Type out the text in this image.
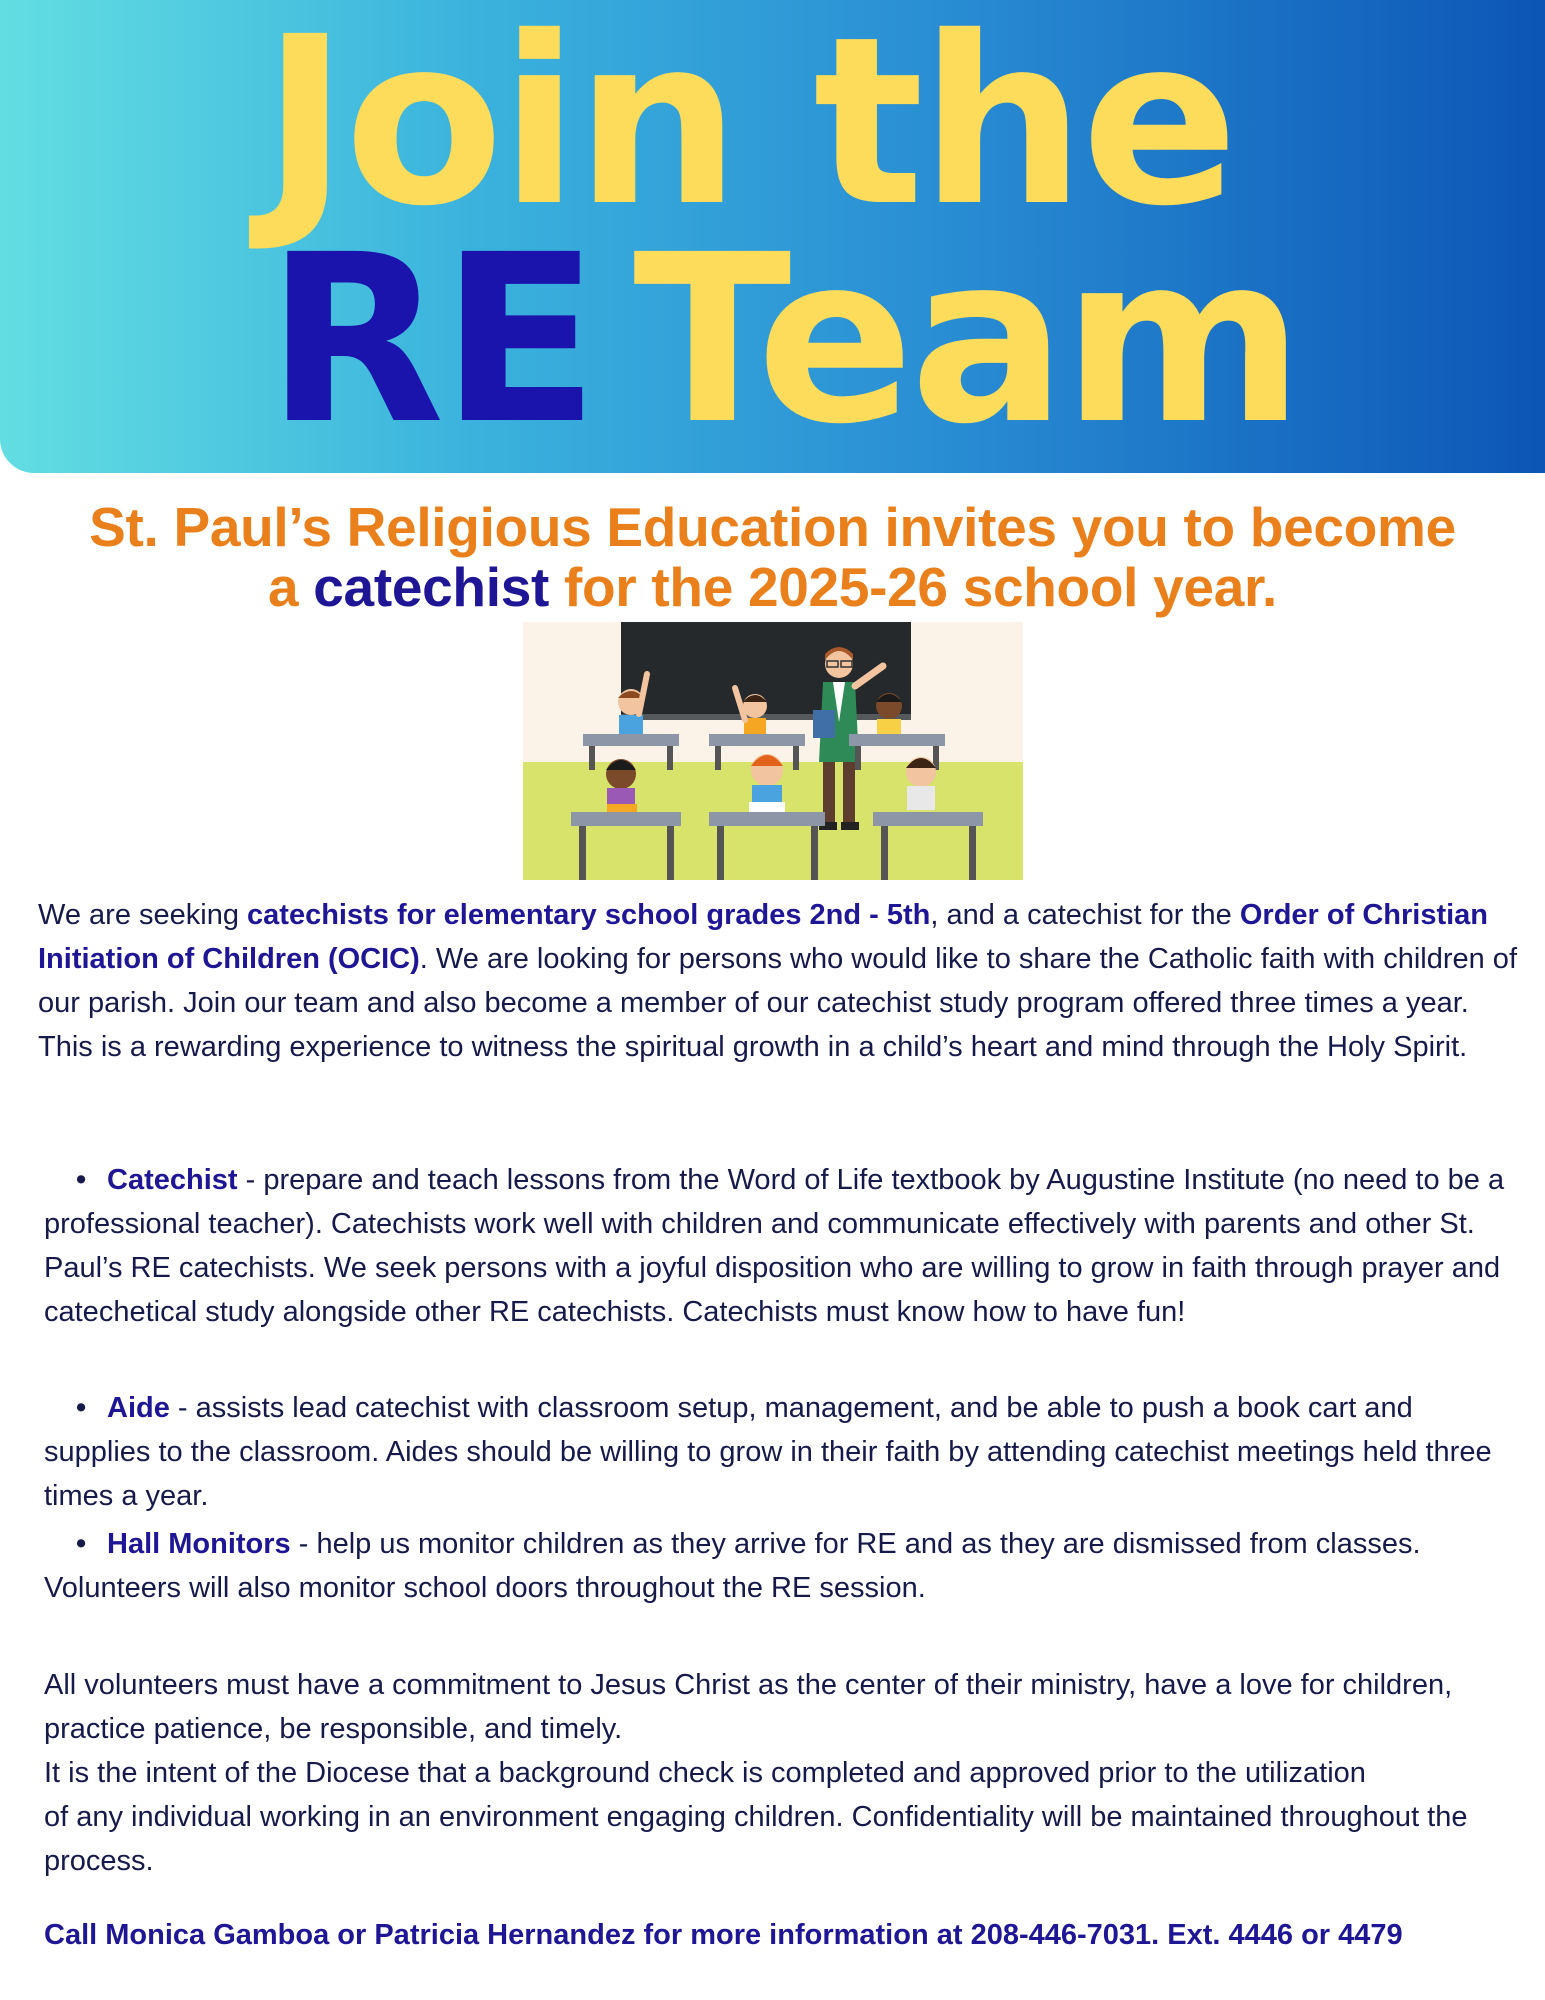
Join the
RE Team
St. Paul’s Religious Education invites you to become
a catechist for the 2025-26 school year.
We are seeking catechists for elementary school grades 2nd - 5th, and a catechist for the Order of Christian Initiation of Children (OCIC). We are looking for persons who would like to share the Catholic faith with children of our parish. Join our team and also become a member of our catechist study program offered three times a year. This is a rewarding experience to witness the spiritual growth in a child’s heart and mind through the Holy Spirit.
• Catechist - prepare and teach lessons from the Word of Life textbook by Augustine Institute (no need to be a professional teacher). Catechists work well with children and communicate effectively with parents and other St. Paul’s RE catechists. We seek persons with a joyful disposition who are willing to grow in faith through prayer and catechetical study alongside other RE catechists. Catechists must know how to have fun!
• Aide - assists lead catechist with classroom setup, management, and be able to push a book cart and supplies to the classroom. Aides should be willing to grow in their faith by attending catechist meetings held three times a year.
• Hall Monitors - help us monitor children as they arrive for RE and as they are dismissed from classes. Volunteers will also monitor school doors throughout the RE session.

All volunteers must have a commitment to Jesus Christ as the center of their ministry, have a love for children, practice patience, be responsible, and timely.

It is the intent of the Diocese that a background check is completed and approved prior to the utilization

of any individual working in an environment engaging children. Confidentiality will be maintained throughout the process.

Call Monica Gamboa or Patricia Hernandez for more information at 208-446-7031. Ext. 4446 or 4479
